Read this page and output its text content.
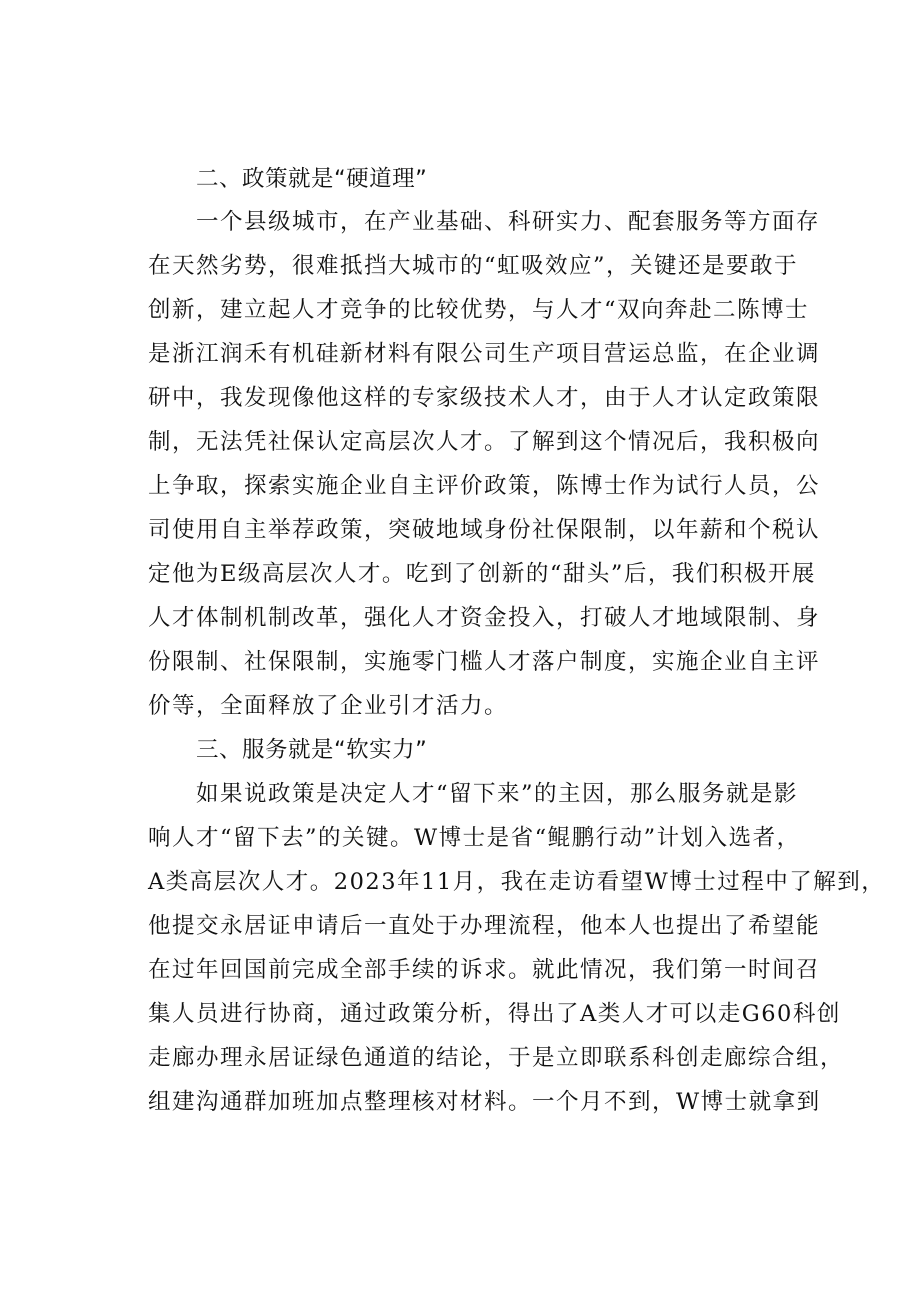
二、政策就是“硬道理”
一个县级城市，在产业基础、科研实力、配套服务等方面存
在天然劣势，很难抵挡大城市的“虹吸效应”，关键还是要敢于
创新，建立起人才竞争的比较优势，与人才“双向奔赴二陈博士
是浙江润禾有机硅新材料有限公司生产项目营运总监，在企业调
研中，我发现像他这样的专家级技术人才，由于人才认定政策限
制，无法凭社保认定高层次人才。了解到这个情况后，我积极向
上争取，探索实施企业自主评价政策，陈博士作为试行人员，公
司使用自主举荐政策，突破地域身份社保限制，以年薪和个税认
定他为E级高层次人才。吃到了创新的“甜头”后，我们积极开展
人才体制机制改革，强化人才资金投入，打破人才地域限制、身
份限制、社保限制，实施零门槛人才落户制度，实施企业自主评
价等，全面释放了企业引才活力。
三、服务就是“软实力”
如果说政策是决定人才“留下来”的主因，那么服务就是影
响人才“留下去”的关键。W博士是省“鲲鹏行动”计划入选者，
A类高层次人才。2023年11月，我在走访看望W博士过程中了解到，
他提交永居证申请后一直处于办理流程，他本人也提出了希望能
在过年回国前完成全部手续的诉求。就此情况，我们第一时间召
集人员进行协商，通过政策分析，得出了A类人才可以走G60科创
走廊办理永居证绿色通道的结论，于是立即联系科创走廊综合组，
组建沟通群加班加点整理核对材料。一个月不到，W博士就拿到
